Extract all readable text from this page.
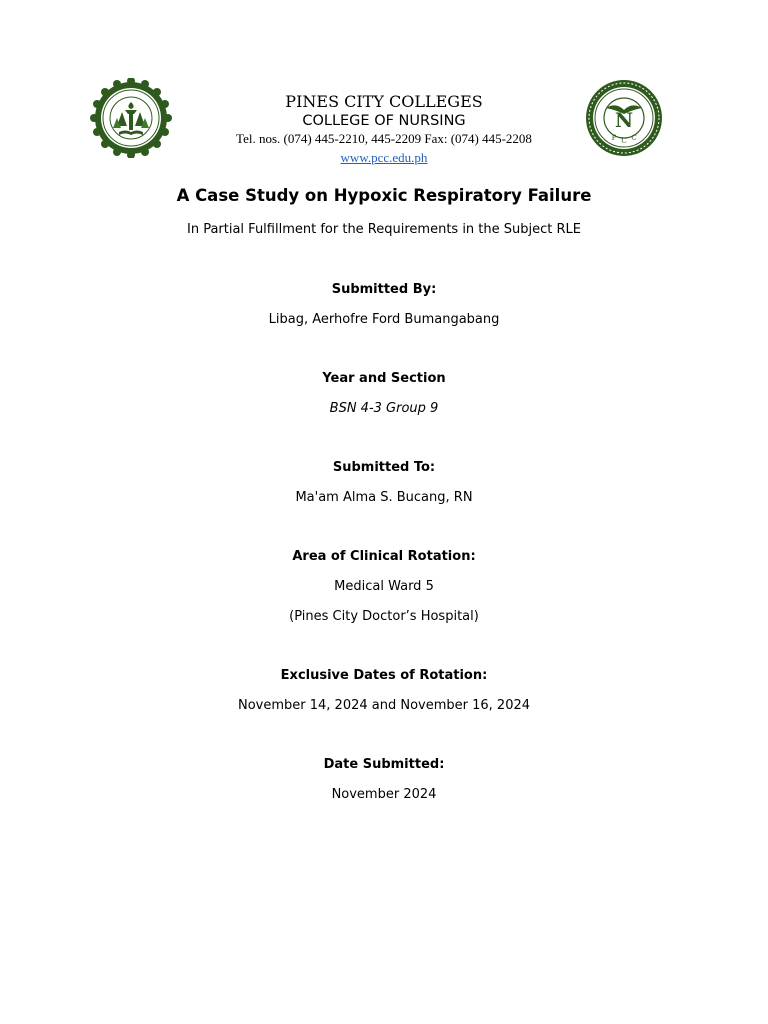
N
P C C
PINES CITY COLLEGES
COLLEGE OF NURSING
Tel. nos. (074) 445-2210, 445-2209 Fax: (074) 445-2208
www.pcc.edu.ph
A Case Study on Hypoxic Respiratory Failure
In Partial Fulfillment for the Requirements in the Subject RLE
Submitted By:
Libag, Aerhofre Ford Bumangabang
Year and Section
BSN 4-3 Group 9
Submitted To:
Ma'am Alma S. Bucang, RN
Area of Clinical Rotation:
Medical Ward 5
(Pines City Doctor’s Hospital)
Exclusive Dates of Rotation:
November 14, 2024 and November 16, 2024
Date Submitted:
November 2024
